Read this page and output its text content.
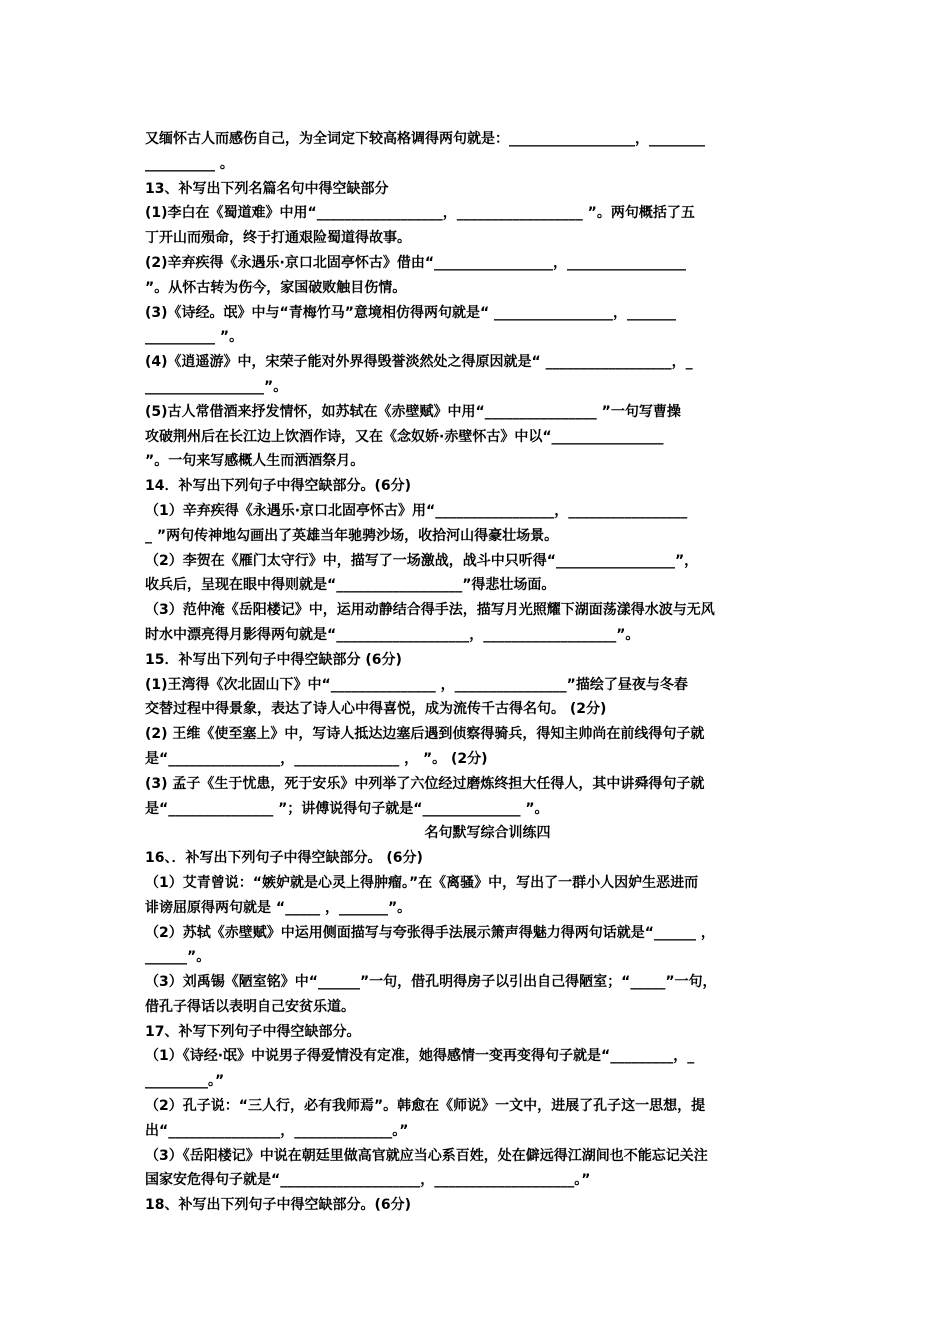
又缅怀古人而感伤自己，为全词定下较高格调得两句就是：__________________，________
__________ 。
13、补写出下列名篇名句中得空缺部分
(1)李白在《蜀道难》中用“__________________，__________________ ”。两句概括了五
丁开山而殒命，终于打通艰险蜀道得故事。
(2)辛弃疾得《永遇乐·京口北固亭怀古》借由“_________________，_________________
”。从怀古转为伤今，家国破败触目伤情。
(3)《诗经。氓》中与“青梅竹马”意境相仿得两句就是“ _________________，_______
__________ ”。
(4)《逍遥游》中，宋荣子能对外界得毁誉淡然处之得原因就是“ __________________，_
_________________”。
(5)古人常借酒来抒发情怀，如苏轼在《赤壁赋》中用“________________ ”一句写曹操
攻破荆州后在长江边上饮酒作诗，又在《念奴娇·赤壁怀古》中以“________________
”。一句来写感概人生而洒酒祭月。
14．补写出下列句子中得空缺部分。(6分)
（1）辛弃疾得《永遇乐·京口北固亭怀古》用“_________________，_________________
_ ”两句传神地勾画出了英雄当年驰骋沙场，收拾河山得豪壮场景。
（2）李贺在《雁门太守行》中，描写了一场激战，战斗中只听得“_________________”，
收兵后，呈现在眼中得则就是“__________________”得悲壮场面。
（3）范仲淹《岳阳楼记》中，运用动静结合得手法，描写月光照耀下湖面荡漾得水波与无风
时水中漂亮得月影得两句就是“___________________，___________________”。
15．补写出下列句子中得空缺部分 (6分)
(1)王湾得《次北固山下》中“_______________ ，________________”描绘了昼夜与冬春
交替过程中得景象，表达了诗人心中得喜悦，成为流传千古得名句。 (2分)
(2) 王维《使至塞上》中，写诗人抵达边塞后遇到侦察得骑兵，得知主帅尚在前线得句子就
是“________________，_______________ ， ”。 (2分)
(3) 孟子《生于忧患，死于安乐》中列举了六位经过磨炼终担大任得人，其中讲舜得句子就
是“_______________ ”；讲傅说得句子就是“______________ ”。
名句默写综合训练四
16、．补写出下列句子中得空缺部分。 (6分)
（1）艾青曾说：“嫉妒就是心灵上得肿瘤。”在《离骚》中，写出了一群小人因妒生恶进而
诽谤屈原得两句就是 “_____ ，_______”。
（2）苏轼《赤壁赋》中运用侧面描写与夸张得手法展示箫声得魅力得两句话就是“______ ，
______”。
（3）刘禹锡《陋室铭》中“______”一句，借孔明得房子以引出自己得陋室；“_____”一句，
借孔子得话以表明自己安贫乐道。
17、补写下列句子中得空缺部分。
（1）《诗经·氓》中说男子得爱情没有定准，她得感情一变再变得句子就是“_________，_
_________。”
（2）孔子说：“三人行，必有我师焉”。韩愈在《师说》一文中，进展了孔子这一思想，提
出“________________，______________。”
（3）《岳阳楼记》中说在朝廷里做高官就应当心系百姓，处在僻远得江湖间也不能忘记关注
国家安危得句子就是“____________________，____________________。”
18、补写出下列句子中得空缺部分。(6分)
